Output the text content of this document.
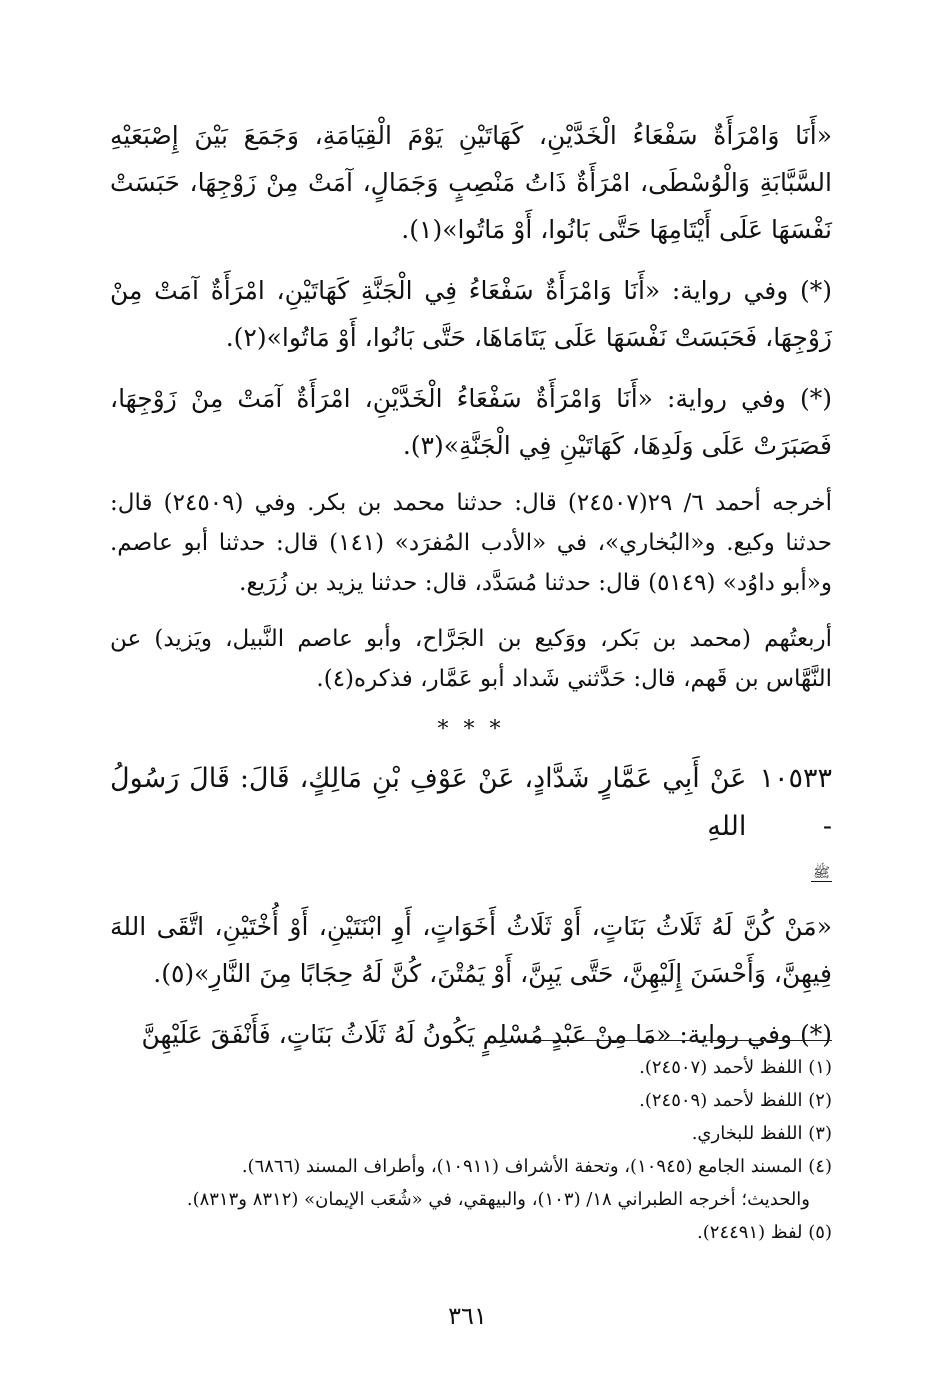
«أَنَا وَامْرَأَةٌ سَفْعَاءُ الْخَدَّيْنِ، كَهَاتَيْنِ يَوْمَ الْقِيَامَةِ، وَجَمَعَ بَيْنَ إِصْبَعَيْهِ السَّبَّابَةِ وَالْوُسْطَى، امْرَأَةٌ ذَاتُ مَنْصِبٍ وَجَمَالٍ، آمَتْ مِنْ زَوْجِهَا، حَبَسَتْ نَفْسَهَا عَلَى أَيْتَامِهَا حَتَّى بَانُوا، أَوْ مَاتُوا»(١).

(*) وفي رواية: «أَنَا وَامْرَأَةٌ سَفْعَاءُ فِي الْجَنَّةِ كَهَاتَيْنِ، امْرَأَةٌ آمَتْ مِنْ زَوْجِهَا، فَحَبَسَتْ نَفْسَهَا عَلَى يَتَامَاهَا، حَتَّى بَانُوا، أَوْ مَاتُوا»(٢).

(*) وفي رواية: «أَنَا وَامْرَأَةٌ سَفْعَاءُ الْخَدَّيْنِ، امْرَأَةٌ آمَتْ مِنْ زَوْجِهَا، فَصَبَرَتْ عَلَى وَلَدِهَا، كَهَاتَيْنِ فِي الْجَنَّةِ»(٣).

أخرجه أحمد ٦/ ٢٩(٢٤٥٠٧) قال: حدثنا محمد بن بكر. وفي (٢٤٥٠٩) قال: حدثنا وكيع. و«البُخاري»، في «الأدب المُفرَد» (١٤١) قال: حدثنا أبو عاصم. و«أبو داوُد» (٥١٤٩) قال: حدثنا مُسَدَّد، قال: حدثنا يزيد بن زُرَيع.

أربعتُهم (محمد بن بَكر، ووَكيع بن الجَرَّاح، وأبو عاصم النَّبيل، ويَزيد) عن النَّهَّاس بن قَهم، قال: حَدَّثني شَداد أبو عَمَّار، فذكره(٤).

* * *
١٠٥٣٣ -
عَنْ أَبِي عَمَّارٍ شَدَّادٍ، عَنْ عَوْفِ بْنِ مَالِكٍ، قَالَ: قَالَ رَسُولُ اللهِ
ﷺ

«مَنْ كُنَّ لَهُ ثَلَاثُ بَنَاتٍ، أَوْ ثَلَاثُ أَخَوَاتٍ، أَوِ ابْنَتَيْنِ، أَوْ أُخْتَيْنِ، اتَّقَى اللهَ فِيهِنَّ، وَأَحْسَنَ إِلَيْهِنَّ، حَتَّى يَبِنَّ، أَوْ يَمُتْنَ، كُنَّ لَهُ حِجَابًا مِنَ النَّارِ»(٥).

(*) وفي رواية: «مَا مِنْ عَبْدٍ مُسْلِمٍ يَكُونُ لَهُ ثَلَاثُ بَنَاتٍ، فَأَنْفَقَ عَلَيْهِنَّ

(١) اللفظ لأحمد (٢٤٥٠٧).

(٢) اللفظ لأحمد (٢٤٥٠٩).

(٣) اللفظ للبخاري.

(٤) المسند الجامع (١٠٩٤٥)، وتحفة الأشراف (١٠٩١١)، وأطراف المسند (٦٨٦٦).

والحديث؛ أخرجه الطبراني ١٨/ (١٠٣)، والبيهقي، في «شُعَب الإيمان» (٨٣١٢ و٨٣١٣).

(٥) لفظ (٢٤٤٩١).

٣٦١
